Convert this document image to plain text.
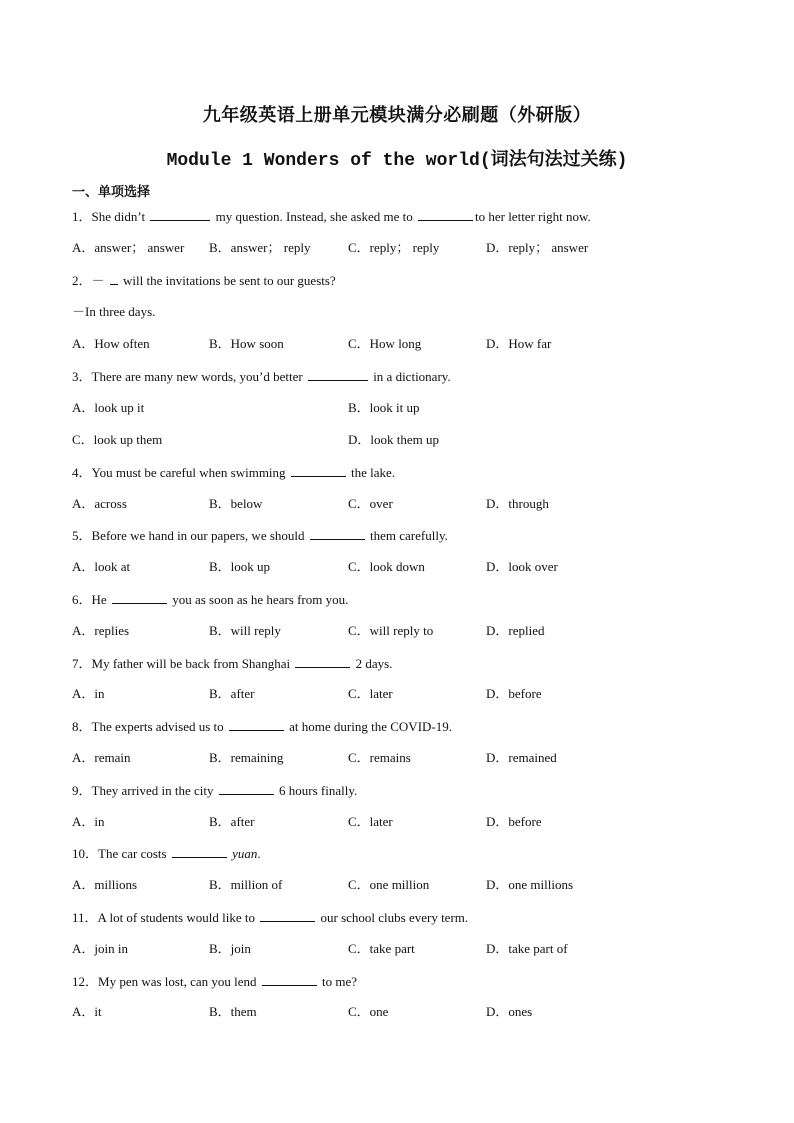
九年级英语上册单元模块满分必刷题（外研版）
Module 1 Wonders of the world(词法句法过关练)
一、单项选择
1．She didn’t	my question. Instead, she asked me to	to her letter right now.
A．answer； answer B．answer； reply	C．reply； reply	D．reply； answer
2．－ will the invitations be sent to our guests?
－In three days.
A．How often	B．How soon	C．How long	D．How far
3．There are many new words, you’d better	in a dictionary.
A．look up it	B．look it up
C．look up them	D．look them up
4．You must be careful when swimming	the lake.
A．across	B．below	C．over	D．through
5．Before we hand in our papers, we should	them carefully.
A．look at	B．look up	C．look down	D．look over
6．He	you as soon as he hears from you.
A．replies	B．will reply	C．will reply to	D．replied
7．My father will be back from Shanghai	2 days.
A．in	B．after	C．later	D．before
8．The experts advised us to	at home during the COVID-19.
A．remain	B．remaining	C．remains	D．remained
9．They arrived in the city	6 hours finally.
A．in	B．after	C．later	D．before
10．The car costs	yuan.
A．millions	B．million of	C．one million	D．one millions
11．A lot of students would like to	our school clubs every term.
A．join in	B．join	C．take part	D．take part of
12．My pen was lost, can you lend	to me?
A．it	B．them	C．one	D．ones
